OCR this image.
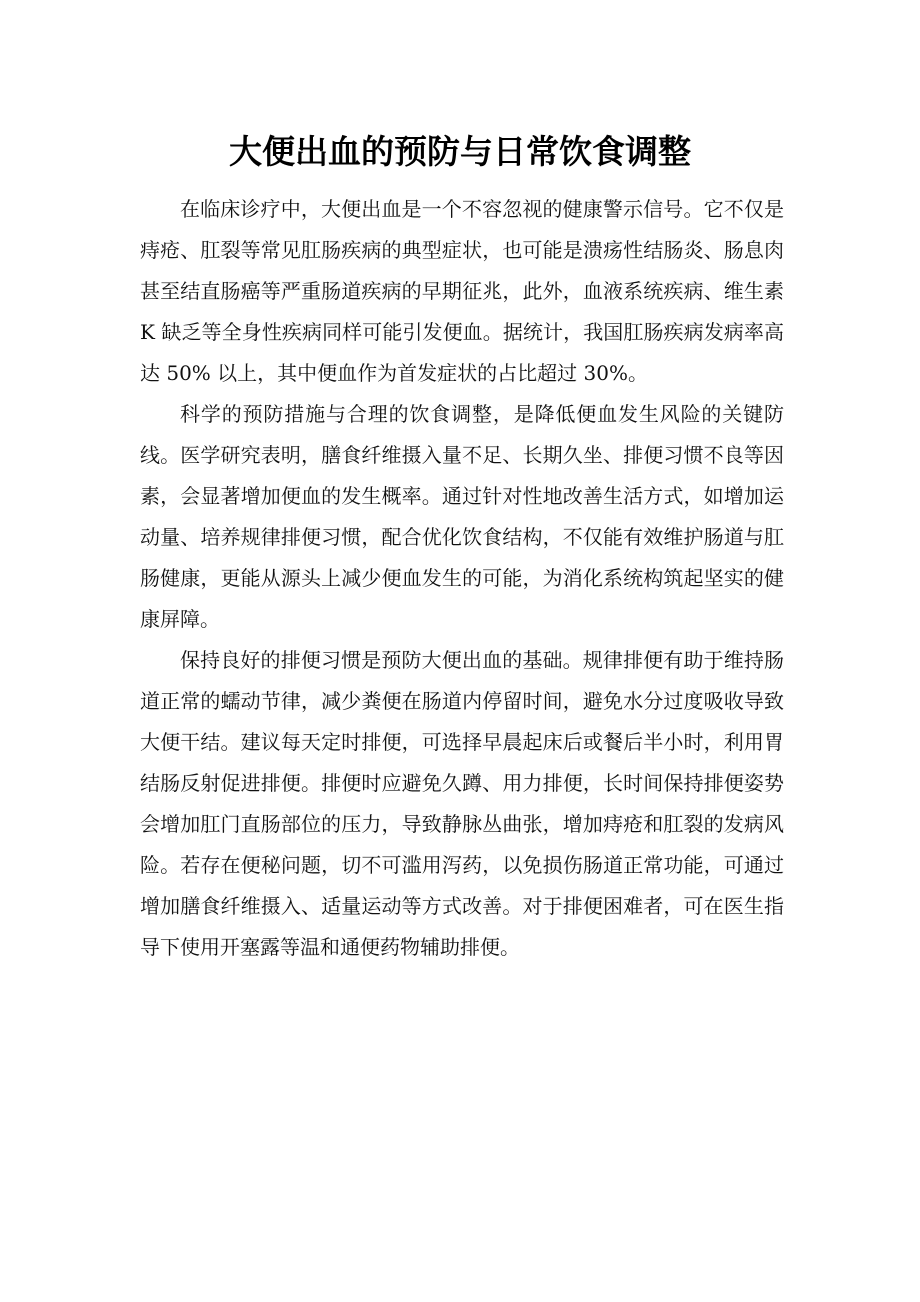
大便出血的预防与日常饮食调整

在临床诊疗中，大便出血是一个不容忽视的健康警示信号。它不仅是痔疮、肛裂等常见肛肠疾病的典型症状，也可能是溃疡性结肠炎、肠息肉甚至结直肠癌等严重肠道疾病的早期征兆，此外，血液系统疾病、维生素 K 缺乏等全身性疾病同样可能引发便血。据统计，我国肛肠疾病发病率高达 50% 以上，其中便血作为首发症状的占比超过 30%。

科学的预防措施与合理的饮食调整，是降低便血发生风险的关键防线。医学研究表明，膳食纤维摄入量不足、长期久坐、排便习惯不良等因素，会显著增加便血的发生概率。通过针对性地改善生活方式，如增加运动量、培养规律排便习惯，配合优化饮食结构，不仅能有效维护肠道与肛肠健康，更能从源头上减少便血发生的可能，为消化系统构筑起坚实的健康屏障。

保持良好的排便习惯是预防大便出血的基础。规律排便有助于维持肠道正常的蠕动节律，减少粪便在肠道内停留时间，避免水分过度吸收导致大便干结。建议每天定时排便，可选择早晨起床后或餐后半小时，利用胃结肠反射促进排便。排便时应避免久蹲、用力排便，长时间保持排便姿势会增加肛门直肠部位的压力，导致静脉丛曲张，增加痔疮和肛裂的发病风险。若存在便秘问题，切不可滥用泻药，以免损伤肠道正常功能，可通过增加膳食纤维摄入、适量运动等方式改善。对于排便困难者，可在医生指导下使用开塞露等温和通便药物辅助排便。
